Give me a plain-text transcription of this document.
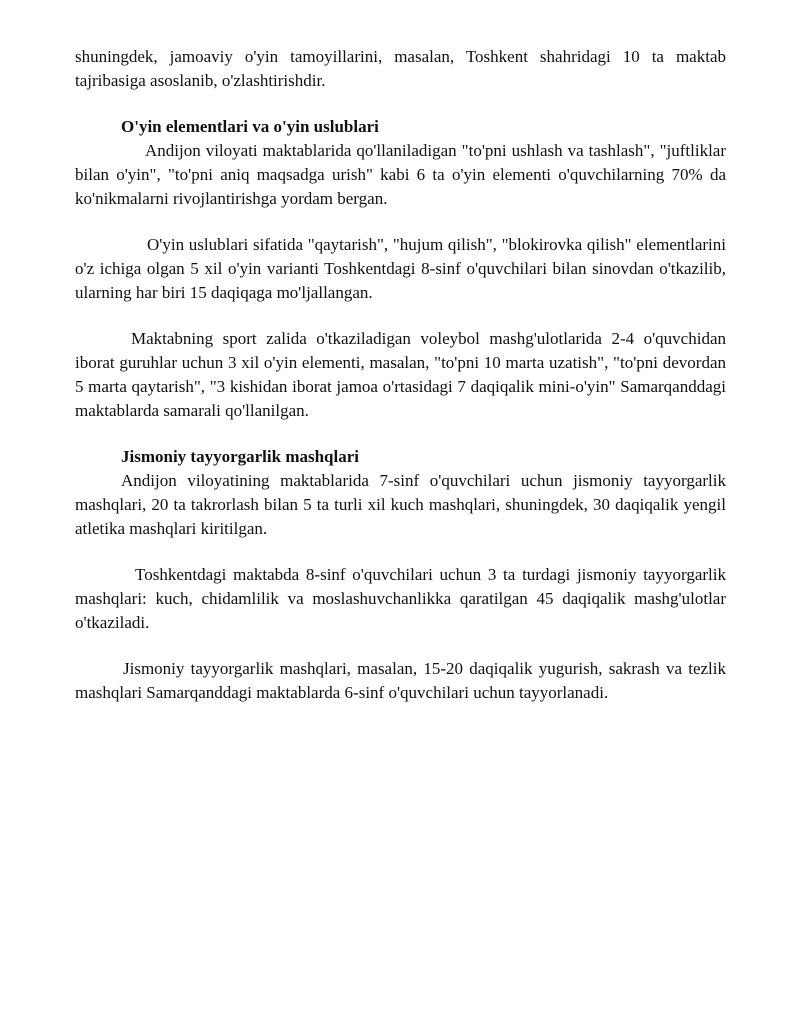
shuningdek, jamoaviy o'yin tamoyillarini, masalan, Toshkent shahridagi 10 ta maktab tajribasiga asoslanib, o'zlashtirishdir.

O'yin elementlari va o'yin uslublari

Andijon viloyati maktablarida qo'llaniladigan "to'pni ushlash va tashlash", "juftliklar bilan o'yin", "to'pni aniq maqsadga urish" kabi 6 ta o'yin elementi o'quvchilarning 70% da ko'nikmalarni rivojlantirishga yordam bergan.

O'yin uslublari sifatida "qaytarish", "hujum qilish", "blokirovka qilish" elementlarini o'z ichiga olgan 5 xil o'yin varianti Toshkentdagi 8-sinf o'quvchilari bilan sinovdan o'tkazilib, ularning har biri 15 daqiqaga mo'ljallangan.

Maktabning sport zalida o'tkaziladigan voleybol mashg'ulotlarida 2-4 o'quvchidan iborat guruhlar uchun 3 xil o'yin elementi, masalan, "to'pni 10 marta uzatish", "to'pni devordan 5 marta qaytarish", "3 kishidan iborat jamoa o'rtasidagi 7 daqiqalik mini-o'yin" Samarqanddagi maktablarda samarali qo'llanilgan.

Jismoniy tayyorgarlik mashqlari

Andijon viloyatining maktablarida 7-sinf o'quvchilari uchun jismoniy tayyorgarlik mashqlari, 20 ta takrorlash bilan 5 ta turli xil kuch mashqlari, shuningdek, 30 daqiqalik yengil atletika mashqlari kiritilgan.

Toshkentdagi maktabda 8-sinf o'quvchilari uchun 3 ta turdagi jismoniy tayyorgarlik mashqlari: kuch, chidamlilik va moslashuvchanlikka qaratilgan 45 daqiqalik mashg'ulotlar o'tkaziladi.

Jismoniy tayyorgarlik mashqlari, masalan, 15-20 daqiqalik yugurish, sakrash va tezlik mashqlari Samarqanddagi maktablarda 6-sinf o'quvchilari uchun tayyorlanadi.
